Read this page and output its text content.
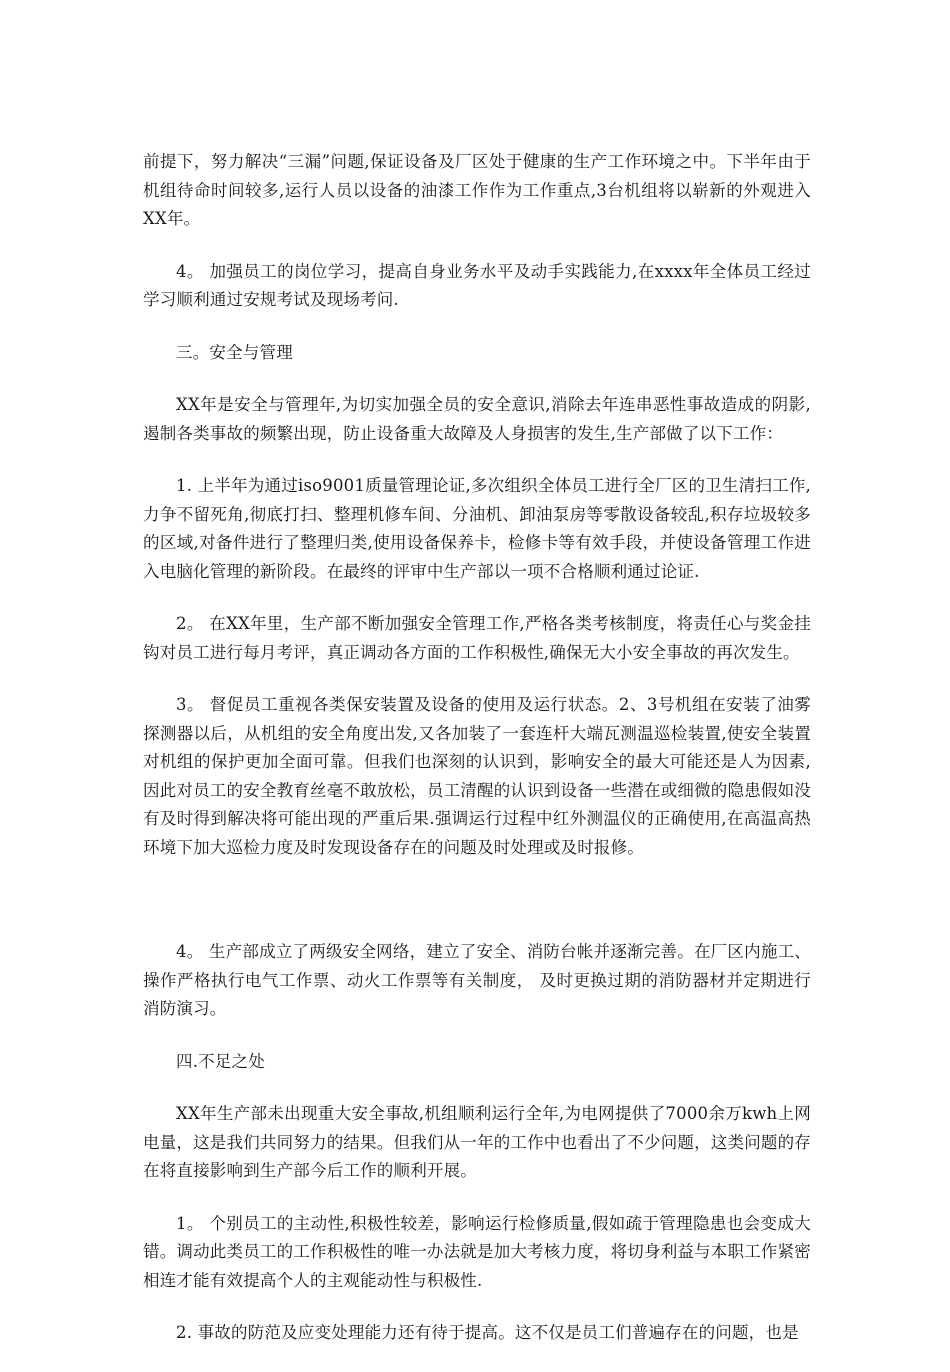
前提下，努力解决“三漏”问题,保证设备及厂区处于健康的生产工作环境之中。下半年由于机组待命时间较多,运行人员以设备的油漆工作作为工作重点,3台机组将以崭新的外观进入XX年。

4。 加强员工的岗位学习，提高自身业务水平及动手实践能力,在xxxx年全体员工经过学习顺利通过安规考试及现场考问.

三。安全与管理

XX年是安全与管理年,为切实加强全员的安全意识,消除去年连串恶性事故造成的阴影,遏制各类事故的频繁出现，防止设备重大故障及人身损害的发生,生产部做了以下工作：

1. 上半年为通过iso9001质量管理论证,多次组织全体员工进行全厂区的卫生清扫工作,力争不留死角,彻底打扫、整理机修车间、分油机、卸油泵房等零散设备较乱,积存垃圾较多的区域,对备件进行了整理归类,使用设备保养卡，检修卡等有效手段，并使设备管理工作进入电脑化管理的新阶段。在最终的评审中生产部以一项不合格顺利通过论证.

2。 在XX年里，生产部不断加强安全管理工作,严格各类考核制度，将责任心与奖金挂钩对员工进行每月考评，真正调动各方面的工作积极性,确保无大小安全事故的再次发生。

3。 督促员工重视各类保安装置及设备的使用及运行状态。2、3号机组在安装了油雾探测器以后，从机组的安全角度出发,又各加装了一套连杆大端瓦测温巡检装置,使安全装置对机组的保护更加全面可靠。但我们也深刻的认识到，影响安全的最大可能还是人为因素,因此对员工的安全教育丝毫不敢放松，员工清醒的认识到设备一些潜在或细微的隐患假如没有及时得到解决将可能出现的严重后果.强调运行过程中红外测温仪的正确使用,在高温高热环境下加大巡检力度及时发现设备存在的问题及时处理或及时报修。

4。 生产部成立了两级安全网络，建立了安全、消防台帐并逐渐完善。在厂区内施工、操作严格执行电气工作票、动火工作票等有关制度， 及时更换过期的消防器材并定期进行消防演习。

四.不足之处

XX年生产部未出现重大安全事故,机组顺利运行全年,为电网提供了7000余万kwh上网电量，这是我们共同努力的结果。但我们从一年的工作中也看出了不少问题，这类问题的存在将直接影响到生产部今后工作的顺利开展。

1。 个别员工的主动性,积极性较差，影响运行检修质量,假如疏于管理隐患也会变成大错。调动此类员工的工作积极性的唯一办法就是加大考核力度，将切身利益与本职工作紧密相连才能有效提高个人的主观能动性与积极性.

2. 事故的防范及应变处理能力还有待于提高。这不仅是员工们普遍存在的问题，也是
